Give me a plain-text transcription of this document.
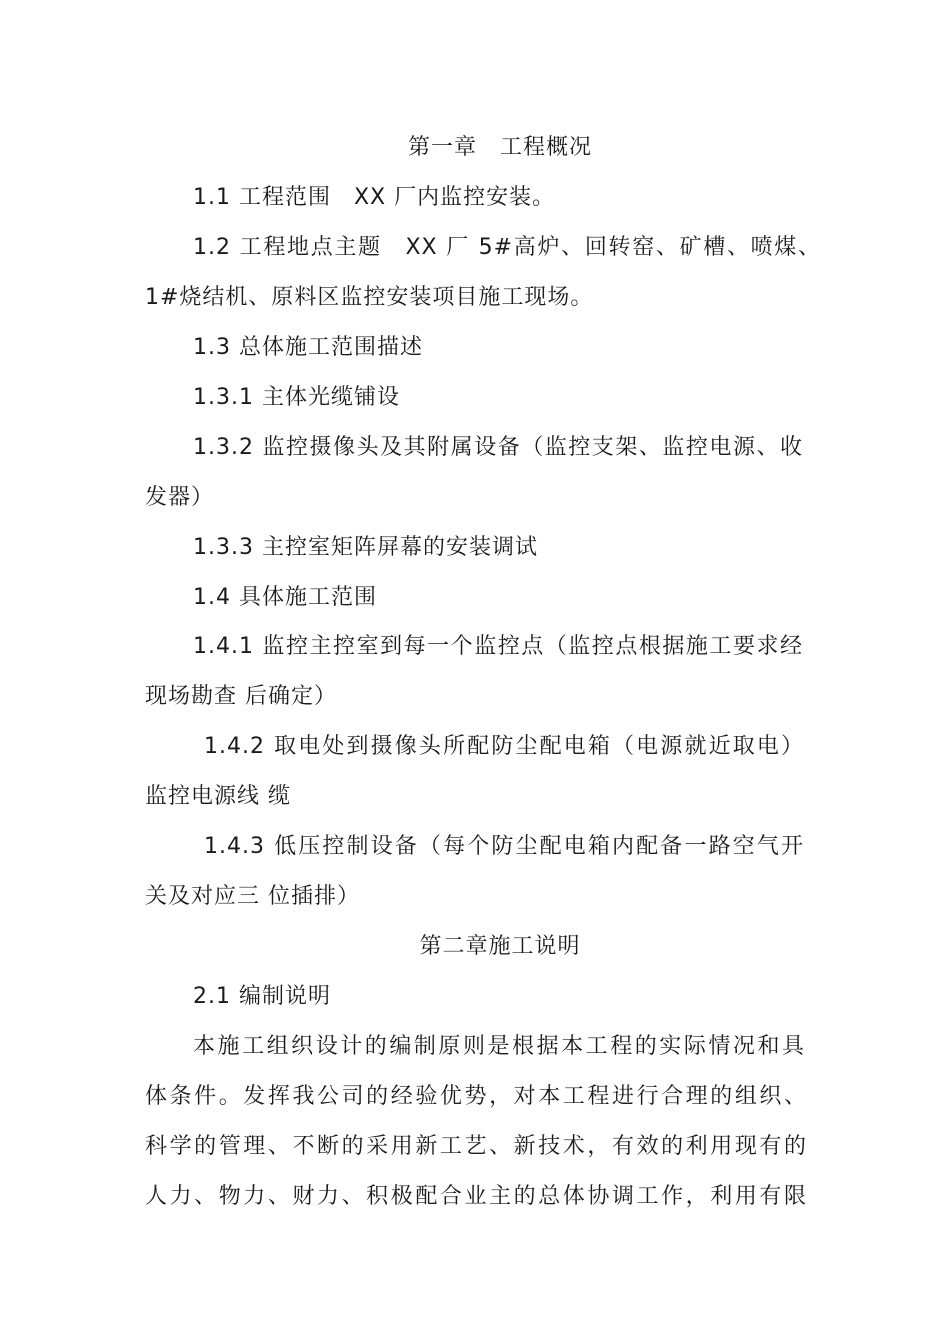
第一章　工程概况
1.1 工程范围　XX 厂内监控安装。
1.2 工程地点主题　XX 厂 5#高炉、回转窑、矿槽、喷煤、
1#烧结机、原料区监控安装项目施工现场。
1.3 总体施工范围描述
1.3.1 主体光缆铺设
1.3.2 监控摄像头及其附属设备（监控支架、监控电源、收
发器）
1.3.3 主控室矩阵屏幕的安装调试
1.4 具体施工范围
1.4.1 监控主控室到每一个监控点（监控点根据施工要求经
现场勘查 后确定）
1.4.2 取电处到摄像头所配防尘配电箱（电源就近取电）
监控电源线 缆
1.4.3 低压控制设备（每个防尘配电箱内配备一路空气开
关及对应三 位插排）
第二章施工说明
2.1 编制说明
本施工组织设计的编制原则是根据本工程的实际情况和具
体条件。发挥我公司的经验优势，对本工程进行合理的组织、
科学的管理、不断的采用新工艺、新技术，有效的利用现有的
人力、物力、财力、积极配合业主的总体协调工作，利用有限
